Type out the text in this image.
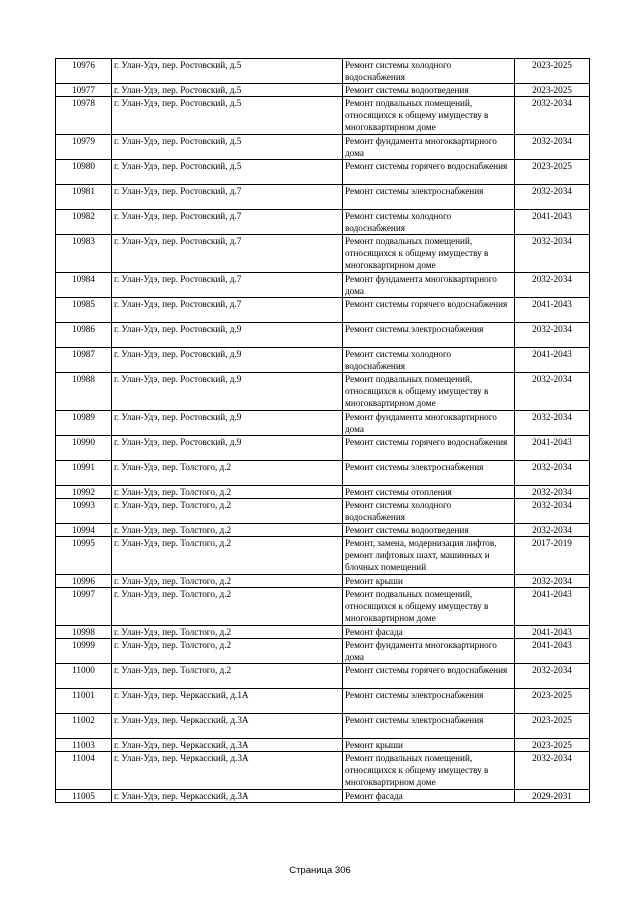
10976	г. Улан-Удэ, пер. Ростовский, д.5	Ремонт системы холодного водоснабжения	2023-2025
10977	г. Улан-Удэ, пер. Ростовский, д.5	Ремонт системы водоотведения	2023-2025
10978	г. Улан-Удэ, пер. Ростовский, д.5	Ремонт подвальных помещений, относящихся к общему имуществу в многоквартирном доме	2032-2034
10979	г. Улан-Удэ, пер. Ростовский, д.5	Ремонт фундамента многоквартирного дома	2032-2034
10980	г. Улан-Удэ, пер. Ростовский, д.5	Ремонт системы горячего водоснабжения	2023-2025
10981	г. Улан-Удэ, пер. Ростовский, д.7	Ремонт системы электроснабжения	2032-2034
10982	г. Улан-Удэ, пер. Ростовский, д.7	Ремонт системы холодного водоснабжения	2041-2043
10983	г. Улан-Удэ, пер. Ростовский, д.7	Ремонт подвальных помещений, относящихся к общему имуществу в многоквартирном доме	2032-2034
10984	г. Улан-Удэ, пер. Ростовский, д.7	Ремонт фундамента многоквартирного дома	2032-2034
10985	г. Улан-Удэ, пер. Ростовский, д.7	Ремонт системы горячего водоснабжения	2041-2043
10986	г. Улан-Удэ, пер. Ростовский, д.9	Ремонт системы электроснабжения	2032-2034
10987	г. Улан-Удэ, пер. Ростовский, д.9	Ремонт системы холодного водоснабжения	2041-2043
10988	г. Улан-Удэ, пер. Ростовский, д.9	Ремонт подвальных помещений, относящихся к общему имуществу в многоквартирном доме	2032-2034
10989	г. Улан-Удэ, пер. Ростовский, д.9	Ремонт фундамента многоквартирного дома	2032-2034
10990	г. Улан-Удэ, пер. Ростовский, д.9	Ремонт системы горячего водоснабжения	2041-2043
10991	г. Улан-Удэ, пер. Толстого, д.2	Ремонт системы электроснабжения	2032-2034
10992	г. Улан-Удэ, пер. Толстого, д.2	Ремонт системы отопления	2032-2034
10993	г. Улан-Удэ, пер. Толстого, д.2	Ремонт системы холодного водоснабжения	2032-2034
10994	г. Улан-Удэ, пер. Толстого, д.2	Ремонт системы водоотведения	2032-2034
10995	г. Улан-Удэ, пер. Толстого, д.2	Ремонт, замена, модернизация лифтов, ремонт лифтовых шахт, машинных и блочных помещений	2017-2019
10996	г. Улан-Удэ, пер. Толстого, д.2	Ремонт крыши	2032-2034
10997	г. Улан-Удэ, пер. Толстого, д.2	Ремонт подвальных помещений, относящихся к общему имуществу в многоквартирном доме	2041-2043
10998	г. Улан-Удэ, пер. Толстого, д.2	Ремонт фасада	2041-2043
10999	г. Улан-Удэ, пер. Толстого, д.2	Ремонт фундамента многоквартирного дома	2041-2043
11000	г. Улан-Удэ, пер. Толстого, д.2	Ремонт системы горячего водоснабжения	2032-2034
11001	г. Улан-Удэ, пер. Черкасский, д.1А	Ремонт системы электроснабжения	2023-2025
11002	г. Улан-Удэ, пер. Черкасский, д.3А	Ремонт системы электроснабжения	2023-2025
11003	г. Улан-Удэ, пер. Черкасский, д.3А	Ремонт крыши	2023-2025
11004	г. Улан-Удэ, пер. Черкасский, д.3А	Ремонт подвальных помещений, относящихся к общему имуществу в многоквартирном доме	2032-2034
11005	г. Улан-Удэ, пер. Черкасский, д.3А	Ремонт фасада	2029-2031
Страница 306
